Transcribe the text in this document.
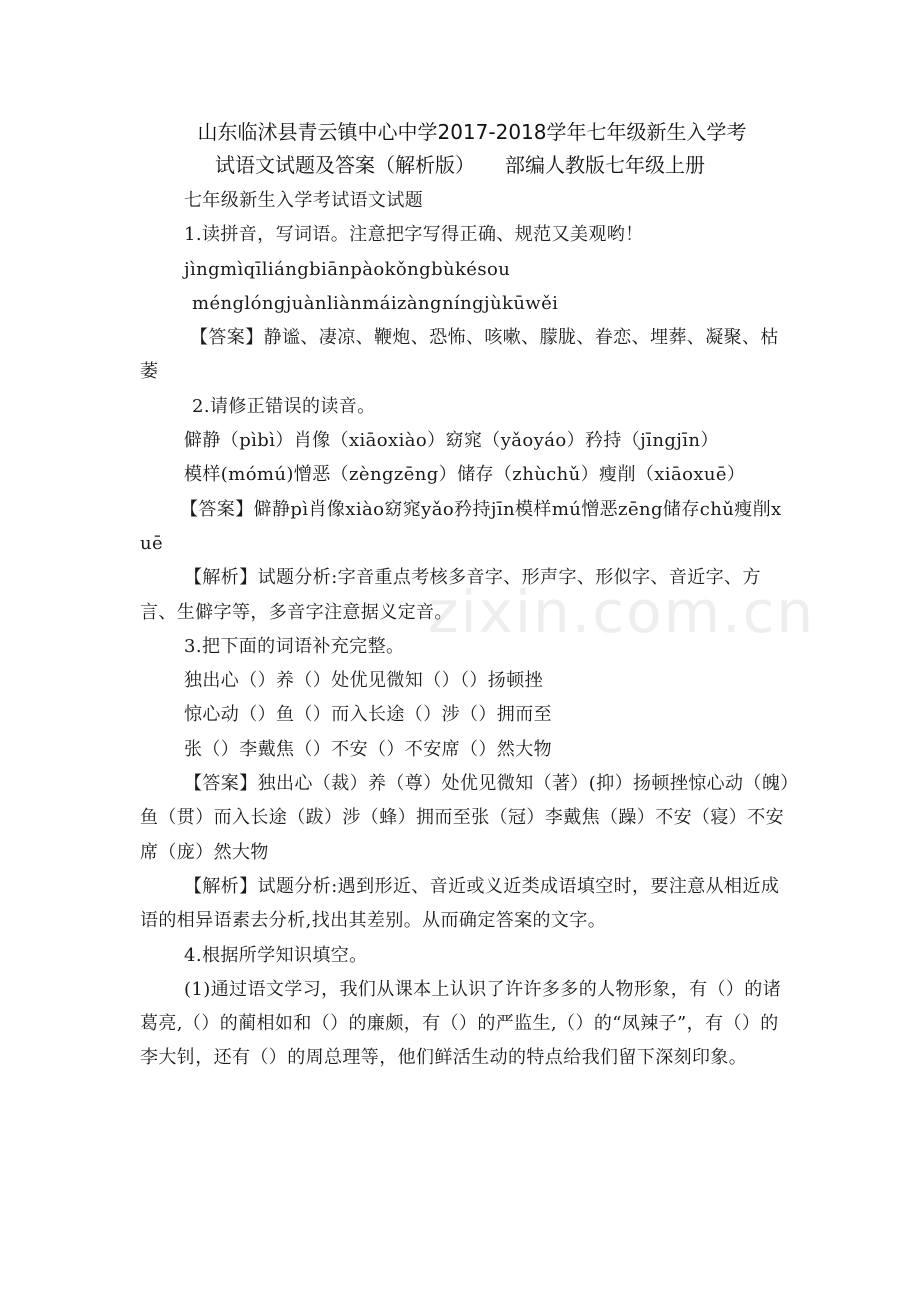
山东临沭县青云镇中心中学2017-2018学年七年级新生入学考
试语文试题及答案（解析版） 部编人教版七年级上册

七年级新生入学考试语文试题

1.读拼音，写词语。注意把字写得正确、规范又美观哟！

jìngmìqīliángbiānpàokǒngbùkésou

ménglóngjuànliànmáizàngníngjùkūwěi

【答案】静谧、凄凉、鞭炮、恐怖、咳嗽、朦胧、眷恋、埋葬、凝聚、枯萎

2.请修正错误的读音。

僻静（pìbì）肖像（xiāoxiào）窈窕（yǎoyáo）矜持（jīngjīn）

模样(mómú)憎恶（zèngzēng）储存（zhùchǔ）瘦削（xiāoxuē）

【答案】僻静pì肖像xiào窈窕yǎo矜持jīn模样mú憎恶zēng储存chǔ瘦削xuē

【解析】试题分析:字音重点考核多音字、形声字、形似字、音近字、方言、生僻字等，多音字注意据义定音。

3.把下面的词语补充完整。

独出心（）养（）处优见微知（）（）扬顿挫

惊心动（）鱼（）而入长途（）涉（）拥而至

张（）李戴焦（）不安（）不安席（）然大物

【答案】独出心（裁）养（尊）处优见微知（著）(抑）扬顿挫惊心动（魄）鱼（贯）而入长途（跋）涉（蜂）拥而至张（冠）李戴焦（躁）不安（寝）不安席（庞）然大物

【解析】试题分析:遇到形近、音近或义近类成语填空时，要注意从相近成语的相异语素去分析,找出其差别。从而确定答案的文字。

4.根据所学知识填空。

(1)通过语文学习，我们从课本上认识了许许多多的人物形象，有（）的诸葛亮,（）的蔺相如和（）的廉颇，有（）的严监生,（）的“凤辣子”，有（）的李大钊，还有（）的周总理等，他们鲜活生动的特点给我们留下深刻印象。

zixin.com.cn
